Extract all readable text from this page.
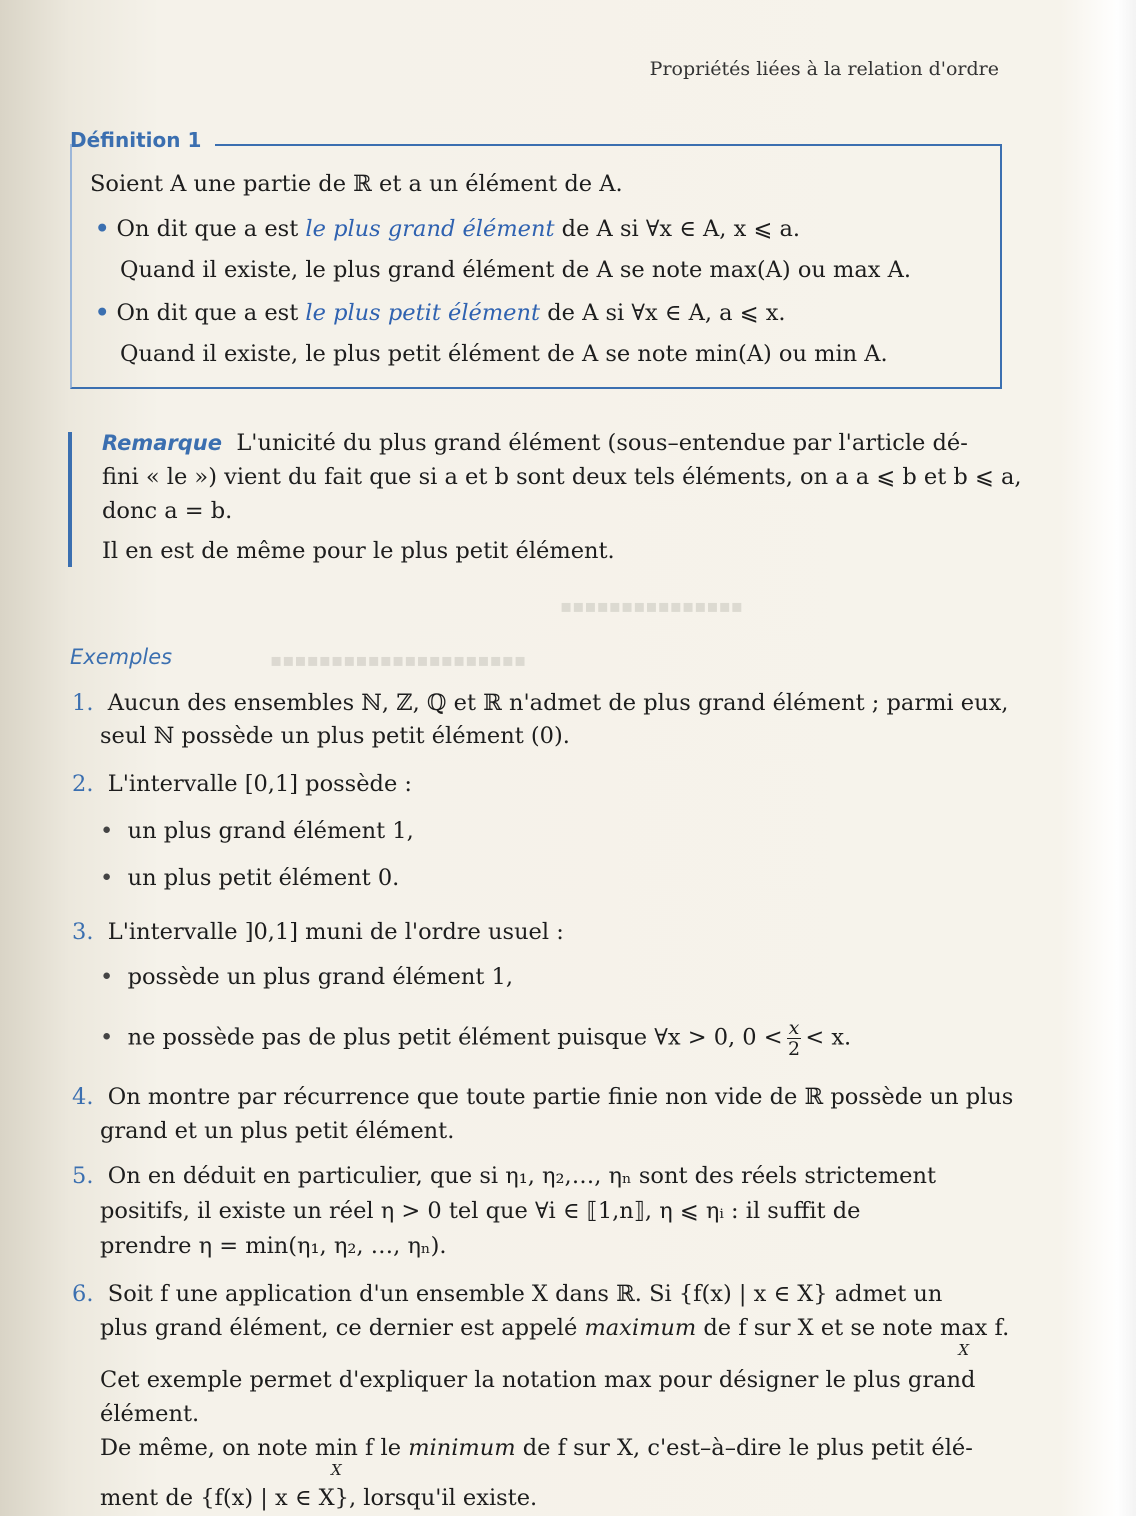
▪▪▪▪▪▪▪▪▪▪▪▪▪▪▪▪▪▪▪▪▪
▪▪▪▪▪▪▪▪▪▪▪▪▪▪▪
Propriétés liées à la relation d'ordre
Définition 1
Soient A une partie de ℝ et a un élément de A.
• On dit que a est le plus grand élément de A si ∀x ∈ A, x ⩽ a.
Quand il existe, le plus grand élément de A se note max(A) ou max A.
• On dit que a est le plus petit élément de A si ∀x ∈ A, a ⩽ x.
Quand il existe, le plus petit élément de A se note min(A) ou min A.
Remarque L'unicité du plus grand élément (sous–entendue par l'article dé-
fini « le ») vient du fait que si a et b sont deux tels éléments, on a a ⩽ b et b ⩽ a,
donc a = b.
Il en est de même pour le plus petit élément.
Exemples
1. Aucun des ensembles ℕ, ℤ, ℚ et ℝ n'admet de plus grand élément ; parmi eux,
seul ℕ possède un plus petit élément (0).
2. L'intervalle [0,1] possède :
• un plus grand élément 1,
• un plus petit élément 0.
3. L'intervalle ]0,1] muni de l'ordre usuel :
• possède un plus grand élément 1,
• ne possède pas de plus petit élément puisque ∀x > 0, $0 < \frac{x}{2} < x$.
4. On montre par récurrence que toute partie finie non vide de ℝ possède un plus
grand et un plus petit élément.
5. On en déduit en particulier, que si η₁, η₂,…, ηₙ sont des réels strictement
positifs, il existe un réel η > 0 tel que ∀i ∈ ⟦1,n⟧, η ⩽ ηᵢ : il suffit de
prendre η = min(η₁, η₂, …, ηₙ).
6. Soit f une application d'un ensemble X dans ℝ. Si {f(x) | x ∈ X} admet un
plus grand élément, ce dernier est appelé maximum de f sur X et se note max
X
f.
Cet exemple permet d'expliquer la notation max pour désigner le plus grand
élément.
De même, on note min
X
f le minimum de f sur X, c'est–à–dire le plus petit élé-
ment de {f(x) | x ∈ X}, lorsqu'il existe.
